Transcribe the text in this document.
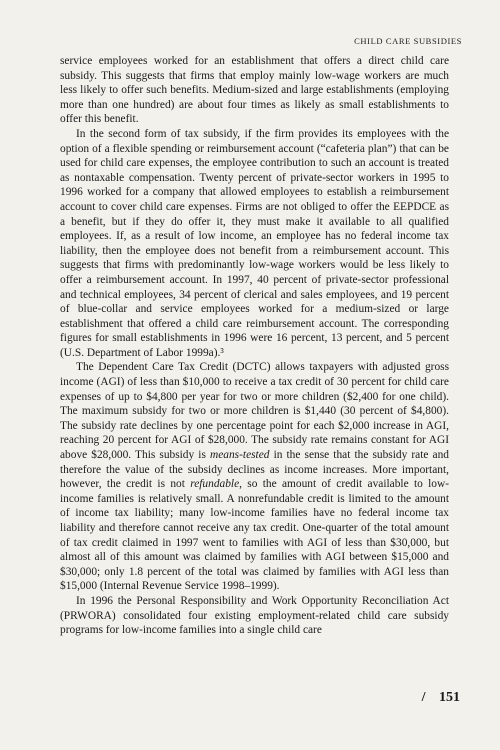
CHILD CARE SUBSIDIES

service employees worked for an establishment that offers a direct child care subsidy. This suggests that firms that employ mainly low-wage workers are much less likely to offer such benefits. Medium-sized and large establishments (employing more than one hundred) are about four times as likely as small establishments to offer this benefit.

In the second form of tax subsidy, if the firm provides its employees with the option of a flexible spending or reimbursement account (“cafeteria plan”) that can be used for child care expenses, the employee contribution to such an account is treated as nontaxable compensation. Twenty percent of private-sector workers in 1995 to 1996 worked for a company that allowed employees to establish a reimbursement account to cover child care expenses. Firms are not obliged to offer the EEPDCE as a benefit, but if they do offer it, they must make it available to all qualified employees. If, as a result of low income, an employee has no federal income tax liability, then the employee does not benefit from a reimbursement account. This suggests that firms with predominantly low-wage workers would be less likely to offer a reimbursement account. In 1997, 40 percent of private-sector professional and technical employees, 34 percent of clerical and sales employees, and 19 percent of blue-collar and service employees worked for a medium-sized or large establishment that offered a child care reimbursement account. The corresponding figures for small establishments in 1996 were 16 percent, 13 percent, and 5 percent (U.S. Department of Labor 1999a).³

The Dependent Care Tax Credit (DCTC) allows taxpayers with adjusted gross income (AGI) of less than $10,000 to receive a tax credit of 30 percent for child care expenses of up to $4,800 per year for two or more children ($2,400 for one child). The maximum subsidy for two or more children is $1,440 (30 percent of $4,800). The subsidy rate declines by one percentage point for each $2,000 increase in AGI, reaching 20 percent for AGI of $28,000. The subsidy rate remains constant for AGI above $28,000. This subsidy is means-tested in the sense that the subsidy rate and therefore the value of the subsidy declines as income increases. More important, however, the credit is not refundable, so the amount of credit available to low-income families is relatively small. A nonrefundable credit is limited to the amount of income tax liability; many low-income families have no federal income tax liability and therefore cannot receive any tax credit. One-quarter of the total amount of tax credit claimed in 1997 went to families with AGI of less than $30,000, but almost all of this amount was claimed by families with AGI between $15,000 and $30,000; only 1.8 percent of the total was claimed by families with AGI less than $15,000 (Internal Revenue Service 1998–1999).

In 1996 the Personal Responsibility and Work Opportunity Reconciliation Act (PRWORA) consolidated four existing employment-related child care subsidy programs for low-income families into a single child care

/ 151
